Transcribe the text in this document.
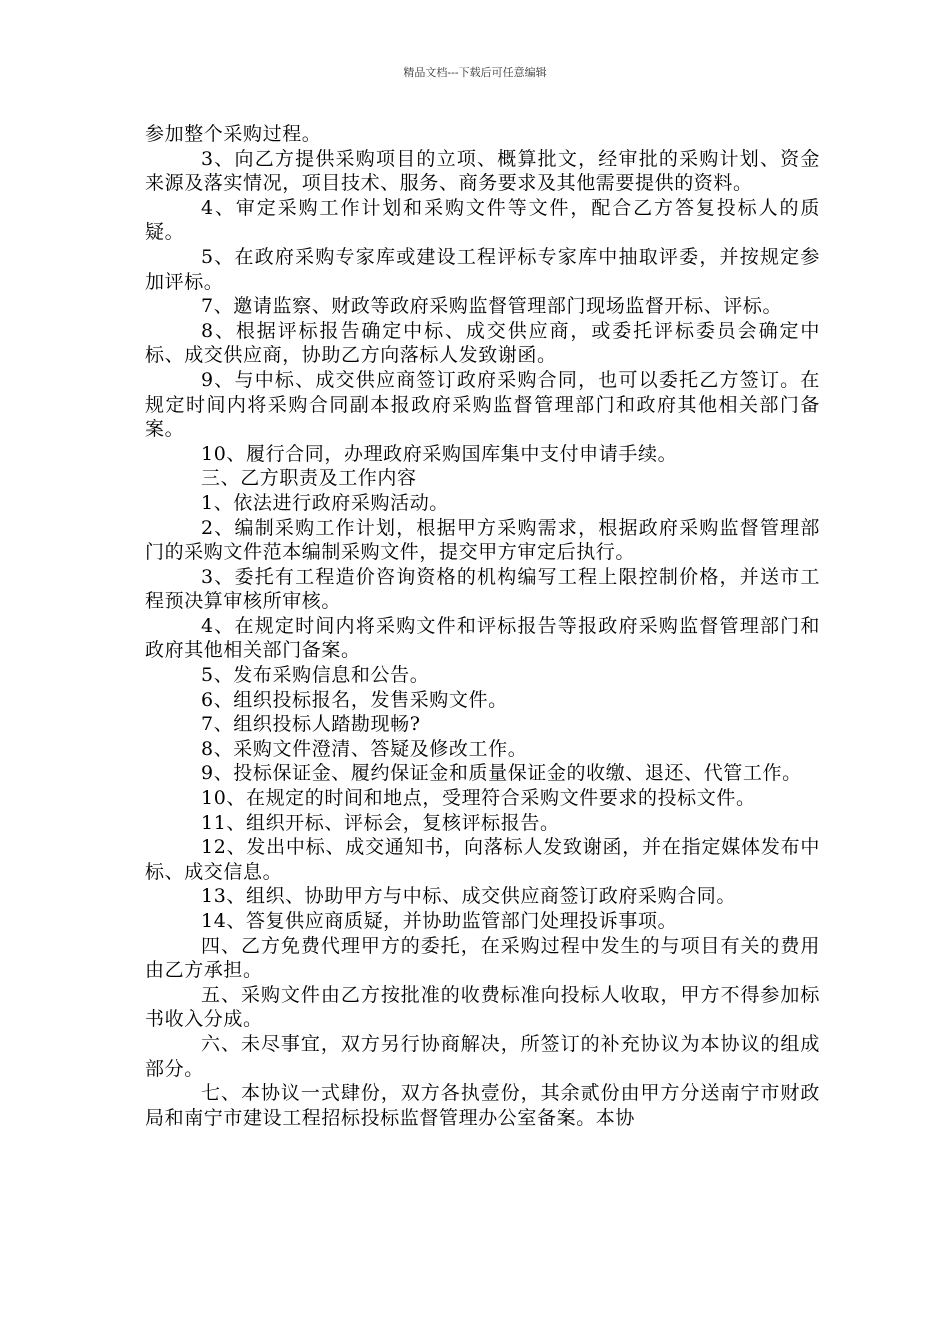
精品文档---下载后可任意编辑

参加整个采购过程。

3、向乙方提供采购项目的立项、概算批文，经审批的采购计划、资金来源及落实情况，项目技术、服务、商务要求及其他需要提供的资料。

4、审定采购工作计划和采购文件等文件，配合乙方答复投标人的质疑。

5、在政府采购专家库或建设工程评标专家库中抽取评委，并按规定参加评标。

7、邀请监察、财政等政府采购监督管理部门现场监督开标、评标。

8、根据评标报告确定中标、成交供应商，或委托评标委员会确定中标、成交供应商，协助乙方向落标人发致谢函。

9、与中标、成交供应商签订政府采购合同，也可以委托乙方签订。在规定时间内将采购合同副本报政府采购监督管理部门和政府其他相关部门备案。

10、履行合同，办理政府采购国库集中支付申请手续。

三、乙方职责及工作内容

1、依法进行政府采购活动。

2、编制采购工作计划，根据甲方采购需求，根据政府采购监督管理部门的采购文件范本编制采购文件，提交甲方审定后执行。

3、委托有工程造价咨询资格的机构编写工程上限控制价格，并送市工程预决算审核所审核。

4、在规定时间内将采购文件和评标报告等报政府采购监督管理部门和政府其他相关部门备案。

5、发布采购信息和公告。

6、组织投标报名，发售采购文件。

7、组织投标人踏勘现畅?

8、采购文件澄清、答疑及修改工作。

9、投标保证金、履约保证金和质量保证金的收缴、退还、代管工作。

10、在规定的时间和地点，受理符合采购文件要求的投标文件。

11、组织开标、评标会，复核评标报告。

12、发出中标、成交通知书，向落标人发致谢函，并在指定媒体发布中标、成交信息。

13、组织、协助甲方与中标、成交供应商签订政府采购合同。

14、答复供应商质疑，并协助监管部门处理投诉事项。

四、乙方免费代理甲方的委托，在采购过程中发生的与项目有关的费用由乙方承担。

五、采购文件由乙方按批准的收费标准向投标人收取，甲方不得参加标书收入分成。

六、未尽事宜，双方另行协商解决，所签订的补充协议为本协议的组成部分。

七、本协议一式肆份，双方各执壹份，其余贰份由甲方分送南宁市财政局和南宁市建设工程招标投标监督管理办公室备案。本协
